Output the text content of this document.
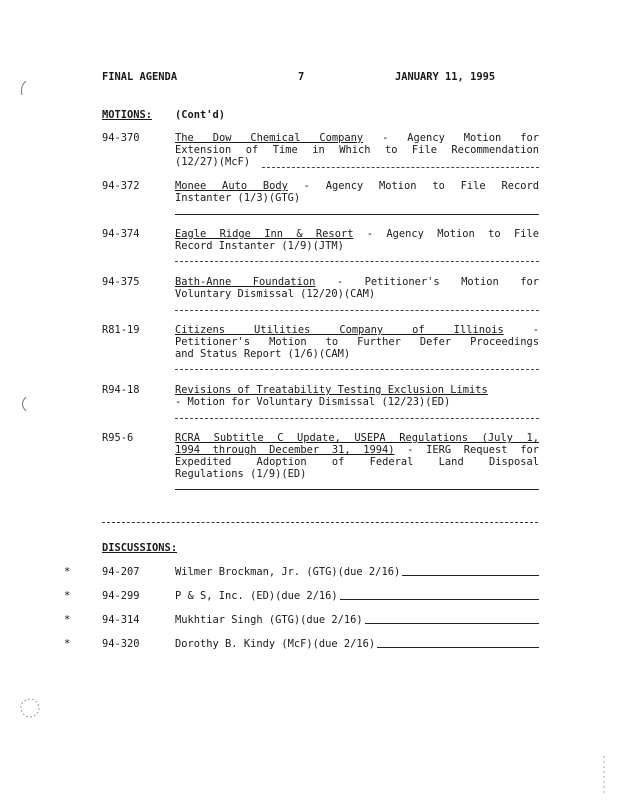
FINAL AGENDA	7	JANUARY 11, 1995
MOTIONS: (Cont'd)
94-370	The Dow Chemical Company - Agency Motion for

Extension of Time in Which to File Recommendation

(12/27)(McF)

94-372	Monee Auto Body - Agency Motion to File Record

Instanter (1/3)(GTG)

94-374	Eagle Ridge Inn & Resort - Agency Motion to File

Record Instanter (1/9)(JTM)

94-375	Bath-Anne Foundation - Petitioner's Motion for

Voluntary Dismissal (12/20)(CAM)

R81-19	Citizens Utilities Company of Illinois -

Petitioner's Motion to Further Defer Proceedings

and Status Report (1/6)(CAM)

R94-18	Revisions of Treatability Testing Exclusion Limits

- Motion for Voluntary Dismissal (12/23)(ED)

R95-6	RCRA Subtitle C Update, USEPA Regulations (July 1,

1994 through December 31, 1994) - IERG Request for

Expedited Adoption of Federal Land Disposal

Regulations (1/9)(ED)

DISCUSSIONS:
*	94-207	Wilmer Brockman, Jr. (GTG)(due 2/16)
*	94-299	P & S, Inc. (ED)(due 2/16)
*	94-314	Mukhtiar Singh (GTG)(due 2/16)
*	94-320	Dorothy B. Kindy (McF)(due 2/16)
